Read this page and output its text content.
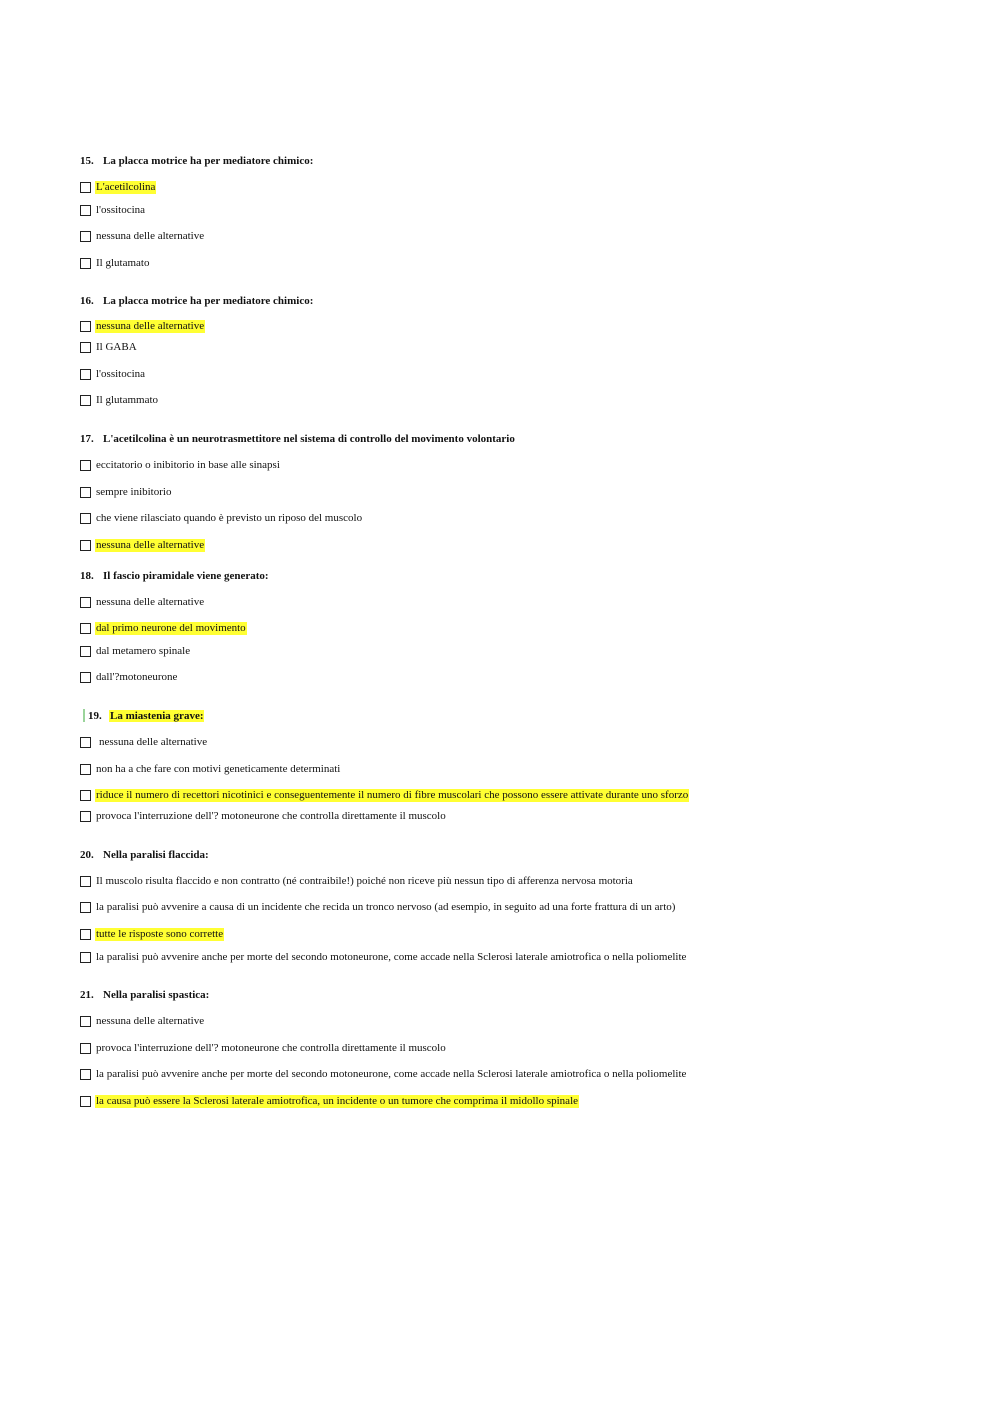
15. La placca motrice ha per mediatore chimico:
L'acetilcolina
l'ossitocina
nessuna delle alternative
Il glutamato
16. La placca motrice ha per mediatore chimico:
nessuna delle alternative
Il GABA
l'ossitocina
Il glutammato
17. L'acetilcolina è un neurotrasmettitore nel sistema di controllo del movimento volontario
eccitatorio o inibitorio in base alle sinapsi
sempre inibitorio
che viene rilasciato quando è previsto un riposo del muscolo
nessuna delle alternative
18. Il fascio piramidale viene generato:
nessuna delle alternative
dal primo neurone del movimento
dal metamero spinale
dall'?motoneurone
19. La miastenia grave:
nessuna delle alternative
non ha a che fare con motivi geneticamente determinati
riduce il numero di recettori nicotinici e conseguentemente il numero di fibre muscolari che possono essere attivate durante uno sforzo
provoca l'interruzione dell'? motoneurone che controlla direttamente il muscolo
20. Nella paralisi flaccida:
Il muscolo risulta flaccido e non contratto (né contraibile!) poiché non riceve più nessun tipo di afferenza nervosa motoria
la paralisi può avvenire a causa di un incidente che recida un tronco nervoso (ad esempio, in seguito ad una forte frattura di un arto)
tutte le risposte sono corrette
la paralisi può avvenire anche per morte del secondo motoneurone, come accade nella Sclerosi laterale amiotrofica o nella poliomelite
21. Nella paralisi spastica:
nessuna delle alternative
provoca l'interruzione dell'? motoneurone che controlla direttamente il muscolo
la paralisi può avvenire anche per morte del secondo motoneurone, come accade nella Sclerosi laterale amiotrofica o nella poliomelite
la causa può essere la Sclerosi laterale amiotrofica, un incidente o un tumore che comprima il midollo spinale
